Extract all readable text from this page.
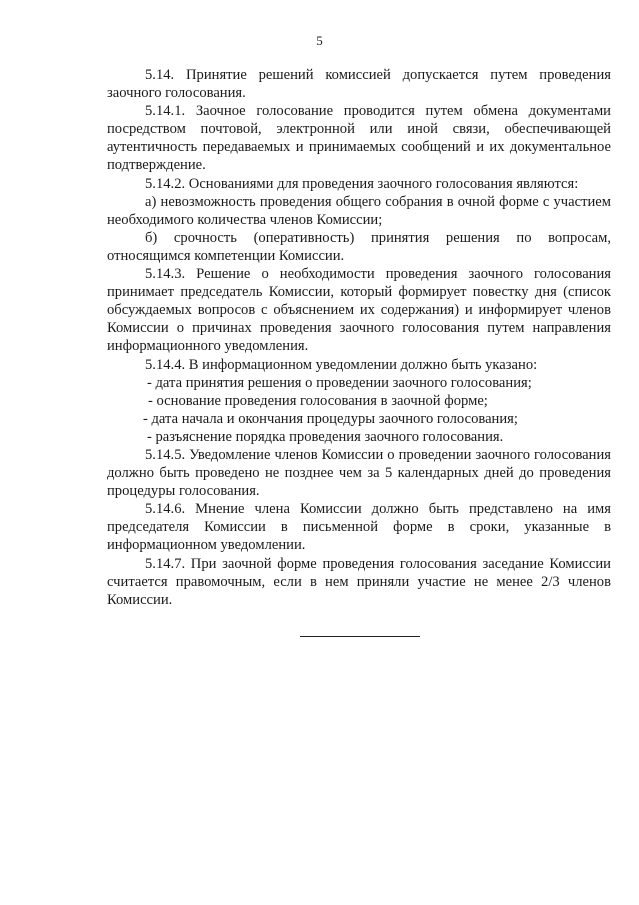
5

5.14. Принятие решений комиссией допускается путем проведения заочного голосования.

5.14.1. Заочное голосование проводится путем обмена документами посредством почтовой, электронной или иной связи, обеспечивающей аутентичность передаваемых и принимаемых сообщений и их документальное подтверждение.

5.14.2. Основаниями для проведения заочного голосования являются:

а) невозможность проведения общего собрания в очной форме с участием необходимого количества членов Комиссии;

б) срочность (оперативность) принятия решения по вопросам, относящимся компетенции Комиссии.

5.14.3. Решение о необходимости проведения заочного голосования принимает председатель Комиссии, который формирует повестку дня (список обсуждаемых вопросов с объяснением их содержания) и информирует членов Комиссии о причинах проведения заочного голосования путем направления информационного уведомления.

5.14.4. В информационном уведомлении должно быть указано:

- дата принятия решения о проведении заочного голосования;

- основание проведения голосования в заочной форме;

- дата начала и окончания процедуры заочного голосования;

- разъяснение порядка проведения заочного голосования.

5.14.5. Уведомление членов Комиссии о проведении заочного голосования должно быть проведено не позднее чем за 5 календарных дней до проведения процедуры голосования.

5.14.6. Мнение члена Комиссии должно быть представлено на имя председателя Комиссии в письменной форме в сроки, указанные в информационном уведомлении.

5.14.7. При заочной форме проведения голосования заседание Комиссии считается правомочным, если в нем приняли участие не менее 2/3 членов Комиссии.
